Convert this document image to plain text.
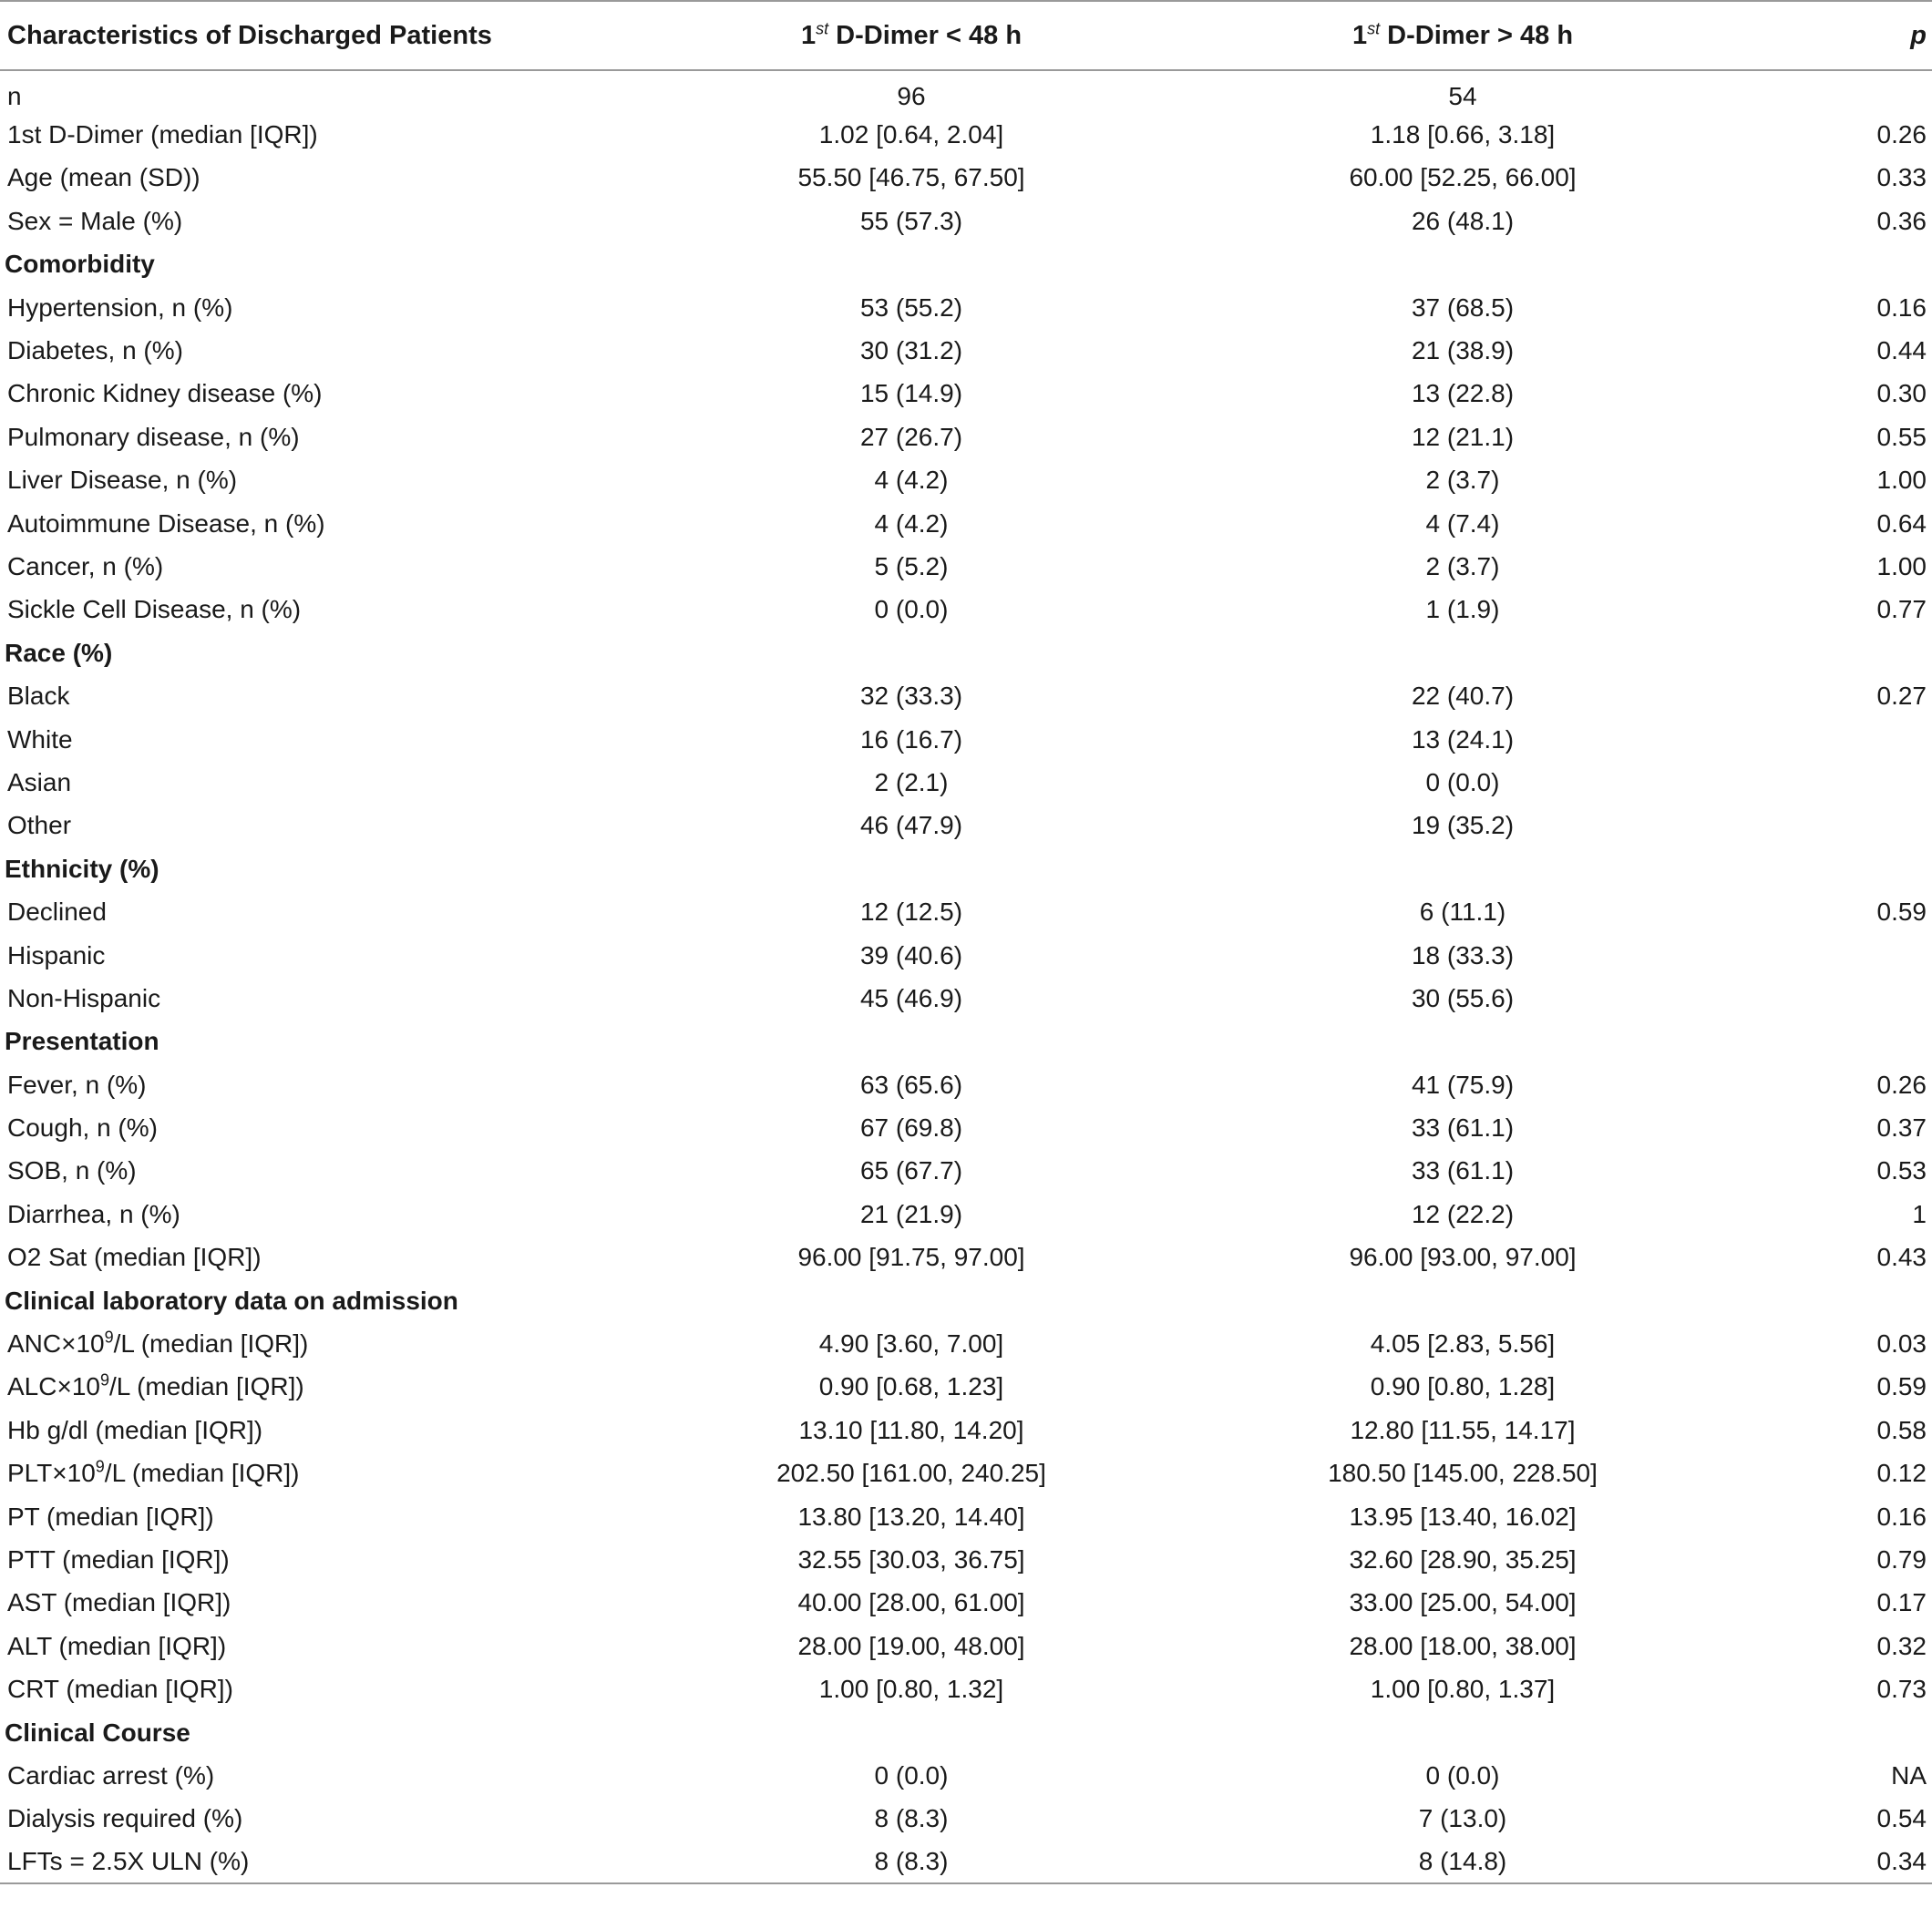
Characteristics of Discharged Patients	1st D-Dimer < 48 h	1st D-Dimer > 48 h	p
n	96	54	
1st D-Dimer (median [IQR])	1.02 [0.64, 2.04]	1.18 [0.66, 3.18]	0.26
Age (mean (SD))	55.50 [46.75, 67.50]	60.00 [52.25, 66.00]	0.33
Sex = Male (%)	55 (57.3)	26 (48.1)	0.36
Comorbidity			
Hypertension, n (%)	53 (55.2)	37 (68.5)	0.16
Diabetes, n (%)	30 (31.2)	21 (38.9)	0.44
Chronic Kidney disease (%)	15 (14.9)	13 (22.8)	0.30
Pulmonary disease, n (%)	27 (26.7)	12 (21.1)	0.55
Liver Disease, n (%)	4 (4.2)	2 (3.7)	1.00
Autoimmune Disease, n (%)	4 (4.2)	4 (7.4)	0.64
Cancer, n (%)	5 (5.2)	2 (3.7)	1.00
Sickle Cell Disease, n (%)	0 (0.0)	1 (1.9)	0.77
Race (%)			
Black	32 (33.3)	22 (40.7)	0.27
White	16 (16.7)	13 (24.1)	
Asian	2 (2.1)	0 (0.0)	
Other	46 (47.9)	19 (35.2)	
Ethnicity (%)			
Declined	12 (12.5)	6 (11.1)	0.59
Hispanic	39 (40.6)	18 (33.3)	
Non-Hispanic	45 (46.9)	30 (55.6)	
Presentation			
Fever, n (%)	63 (65.6)	41 (75.9)	0.26
Cough, n (%)	67 (69.8)	33 (61.1)	0.37
SOB, n (%)	65 (67.7)	33 (61.1)	0.53
Diarrhea, n (%)	21 (21.9)	12 (22.2)	1
O2 Sat (median [IQR])	96.00 [91.75, 97.00]	96.00 [93.00, 97.00]	0.43
Clinical laboratory data on admission			
$ANC\times 10^9/L$ (median [IQR])	4.90 [3.60, 7.00]	4.05 [2.83, 5.56]	0.03
$ALC\times 10^9/L$ (median [IQR])	0.90 [0.68, 1.23]	0.90 [0.80, 1.28]	0.59
Hb g/dl (median [IQR])	13.10 [11.80, 14.20]	12.80 [11.55, 14.17]	0.58
$PLT\times 10^9/L$ (median [IQR])	202.50 [161.00, 240.25]	180.50 [145.00, 228.50]	0.12
PT (median [IQR])	13.80 [13.20, 14.40]	13.95 [13.40, 16.02]	0.16
PTT (median [IQR])	32.55 [30.03, 36.75]	32.60 [28.90, 35.25]	0.79
AST (median [IQR])	40.00 [28.00, 61.00]	33.00 [25.00, 54.00]	0.17
ALT (median [IQR])	28.00 [19.00, 48.00]	28.00 [18.00, 38.00]	0.32
CRT (median [IQR])	1.00 [0.80, 1.32]	1.00 [0.80, 1.37]	0.73
Clinical Course			
Cardiac arrest (%)	0 (0.0)	0 (0.0)	NA
Dialysis required (%)	8 (8.3)	7 (13.0)	0.54
LFTs = 2.5X ULN (%)	8 (8.3)	8 (14.8)	0.34
